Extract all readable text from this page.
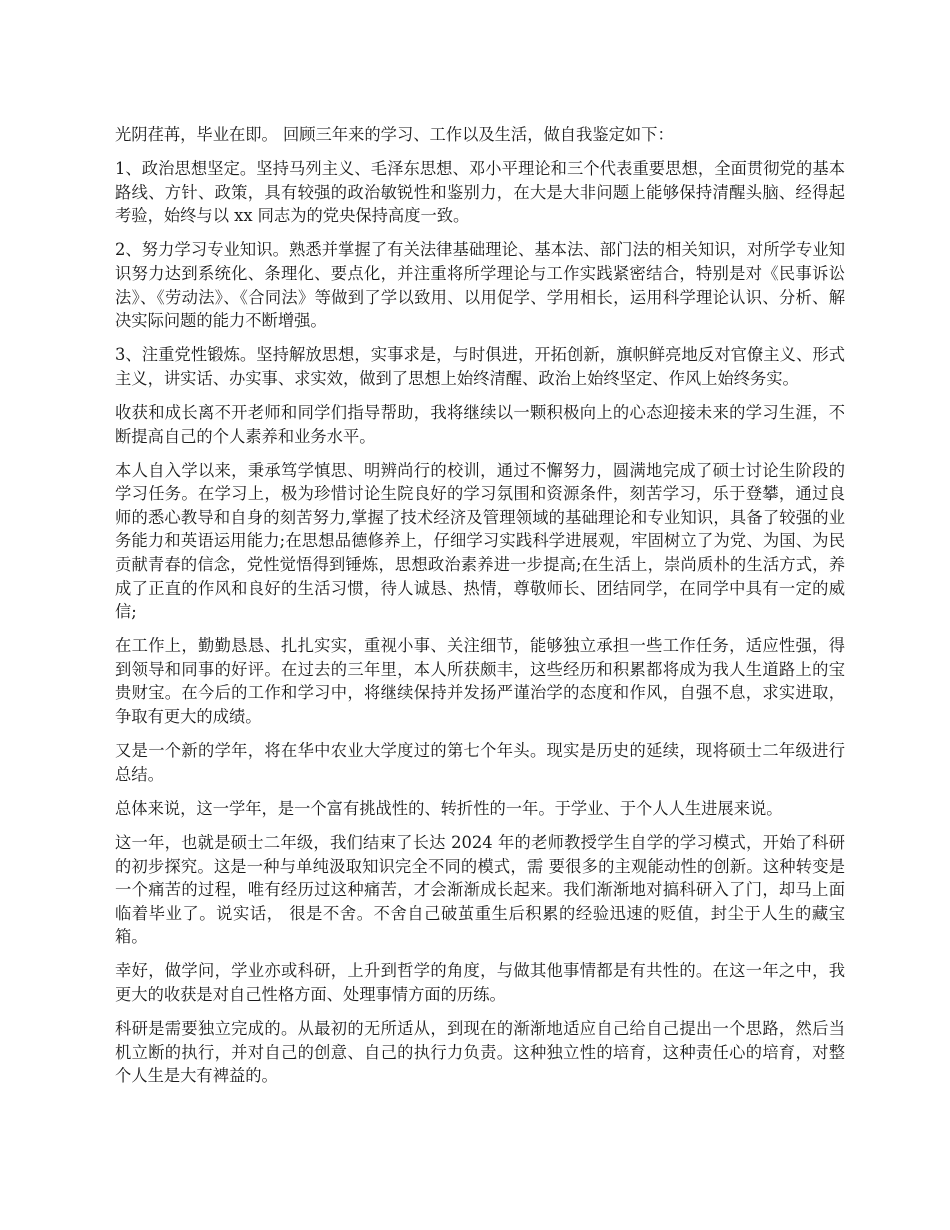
光阴荏苒，毕业在即。 回顾三年来的学习、工作以及生活，做自我鉴定如下：

1、政治思想坚定。坚持马列主义、毛泽东思想、邓小平理论和三个代表重要思想，全面贯彻党的基本路线、方针、政策，具有较强的政治敏锐性和鉴别力，在大是大非问题上能够保持清醒头脑、经得起考验，始终与以 xx 同志为的党央保持高度一致。

2、努力学习专业知识。熟悉并掌握了有关法律基础理论、基本法、部门法的相关知识，对所学专业知识努力达到系统化、条理化、要点化，并注重将所学理论与工作实践紧密结合，特别是对《民事诉讼法》、《劳动法》、《合同法》等做到了学以致用、以用促学、学用相长，运用科学理论认识、分析、解决实际问题的能力不断增强。

3、注重党性锻炼。坚持解放思想，实事求是，与时俱进，开拓创新，旗帜鲜亮地反对官僚主义、形式主义，讲实话、办实事、求实效，做到了思想上始终清醒、政治上始终坚定、作风上始终务实。

收获和成长离不开老师和同学们指导帮助，我将继续以一颗积极向上的心态迎接未来的学习生涯，不断提高自己的个人素养和业务水平。

本人自入学以来，秉承笃学慎思、明辨尚行的校训，通过不懈努力，圆满地完成了硕士讨论生阶段的学习任务。在学习上，极为珍惜讨论生院良好的学习氛围和资源条件，刻苦学习，乐于登攀，通过良师的悉心教导和自身的刻苦努力,掌握了技术经济及管理领域的基础理论和专业知识，具备了较强的业务能力和英语运用能力;在思想品德修养上，仔细学习实践科学进展观，牢固树立了为党、为国、为民贡献青春的信念，党性觉悟得到锤炼，思想政治素养进一步提高;在生活上，崇尚质朴的生活方式，养成了正直的作风和良好的生活习惯，待人诚恳、热情，尊敬师长、团结同学，在同学中具有一定的威信;

在工作上，勤勤恳恳、扎扎实实，重视小事、关注细节，能够独立承担一些工作任务，适应性强，得到领导和同事的好评。在过去的三年里，本人所获颇丰，这些经历和积累都将成为我人生道路上的宝贵财宝。在今后的工作和学习中，将继续保持并发扬严谨治学的态度和作风，自强不息，求实进取，争取有更大的成绩。

又是一个新的学年，将在华中农业大学度过的第七个年头。现实是历史的延续，现将硕士二年级进行总结。

总体来说，这一学年，是一个富有挑战性的、转折性的一年。于学业、于个人人生进展来说。

这一年，也就是硕士二年级，我们结束了长达 2024 年的老师教授学生自学的学习模式，开始了科研的初步探究。这是一种与单纯汲取知识完全不同的模式，需 要很多的主观能动性的创新。这种转变是一个痛苦的过程，唯有经历过这种痛苦，才会渐渐成长起来。我们渐渐地对搞科研入了门，却马上面临着毕业了。说实话， 很是不舍。不舍自己破茧重生后积累的经验迅速的贬值，封尘于人生的藏宝箱。

幸好，做学问，学业亦或科研，上升到哲学的角度，与做其他事情都是有共性的。在这一年之中，我更大的收获是对自己性格方面、处理事情方面的历练。

科研是需要独立完成的。从最初的无所适从，到现在的渐渐地适应自己给自己提出一个思路，然后当机立断的执行，并对自己的创意、自己的执行力负责。这种独立性的培育，这种责任心的培育，对整个人生是大有裨益的。
